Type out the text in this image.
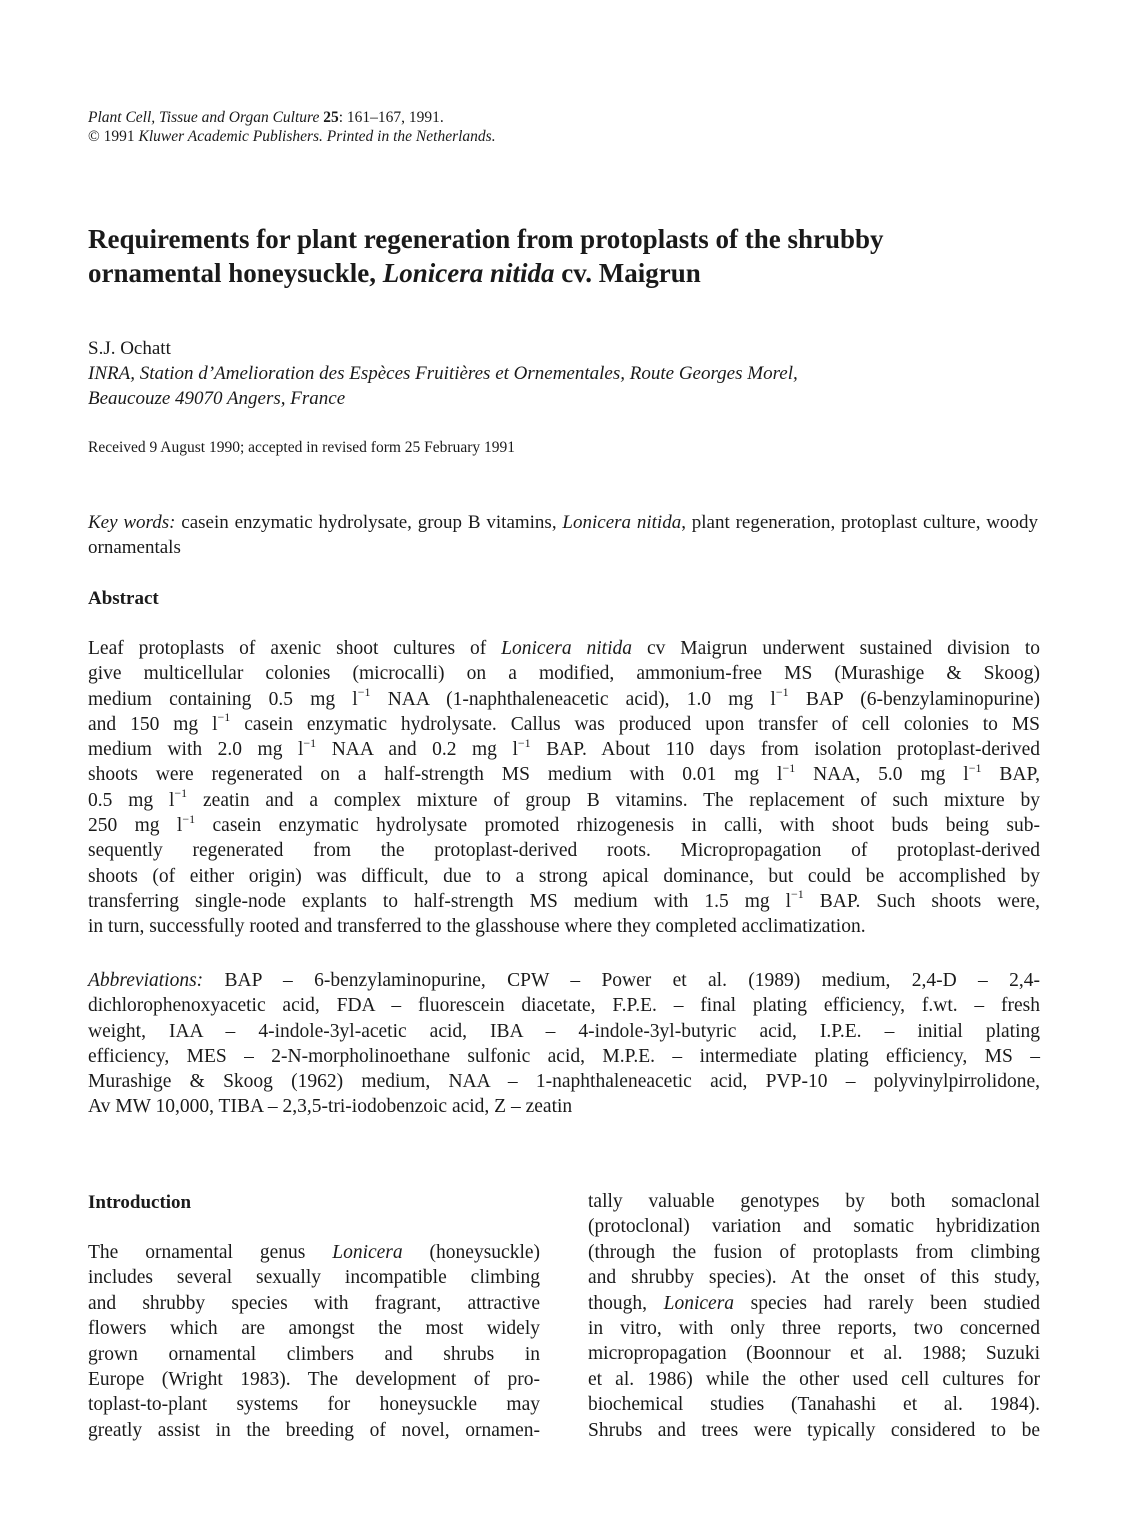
Plant Cell, Tissue and Organ Culture 25: 161–167, 1991.
© 1991 Kluwer Academic Publishers. Printed in the Netherlands.
Requirements for plant regeneration from protoplasts of the shrubby
ornamental honeysuckle, Lonicera nitida cv. Maigrun
S.J. Ochatt
INRA, Station d’Amelioration des Espèces Fruitières et Ornementales, Route Georges Morel,
Beaucouze 49070 Angers, France
Received 9 August 1990; accepted in revised form 25 February 1991
Key words: casein enzymatic hydrolysate, group B vitamins, Lonicera nitida, plant regeneration, protoplast culture, woody ornamentals
Abstract
Leaf protoplasts of axenic shoot cultures of Lonicera nitida cv Maigrun underwent sustained division to
give multicellular colonies (microcalli) on a modified, ammonium-free MS (Murashige & Skoog)
medium containing 0.5 mg $l^{-1}$ NAA (1-naphthaleneacetic acid), 1.0 mg $l^{-1}$ BAP (6-benzylaminopurine)
and 150 mg $l^{-1}$ casein enzymatic hydrolysate. Callus was produced upon transfer of cell colonies to MS
medium with 2.0 mg $l^{-1}$ NAA and 0.2 mg $l^{-1}$ BAP. About 110 days from isolation protoplast-derived
shoots were regenerated on a half-strength MS medium with 0.01 mg $l^{-1}$ NAA, 5.0 mg $l^{-1}$ BAP,
0.5 mg $l^{-1}$ zeatin and a complex mixture of group B vitamins. The replacement of such mixture by
250 mg $l^{-1}$ casein enzymatic hydrolysate promoted rhizogenesis in calli, with shoot buds being sub-
sequently regenerated from the protoplast-derived roots. Micropropagation of protoplast-derived
shoots (of either origin) was difficult, due to a strong apical dominance, but could be accomplished by
transferring single-node explants to half-strength MS medium with 1.5 mg $l^{-1}$ BAP. Such shoots were,
in turn, successfully rooted and transferred to the glasshouse where they completed acclimatization.
Abbreviations: BAP – 6-benzylaminopurine, CPW – Power et al. (1989) medium, 2,4-D – 2,4-
dichlorophenoxyacetic acid, FDA – fluorescein diacetate, F.P.E. – final plating efficiency, f.wt. – fresh
weight, IAA – 4-indole-3yl-acetic acid, IBA – 4-indole-3yl-butyric acid, I.P.E. – initial plating
efficiency, MES – 2-N-morpholinoethane sulfonic acid, M.P.E. – intermediate plating efficiency, MS –
Murashige & Skoog (1962) medium, NAA – 1-naphthaleneacetic acid, PVP-10 – polyvinylpirrolidone,
Av MW 10,000, TIBA – 2,3,5-tri-iodobenzoic acid, Z – zeatin
Introduction
The ornamental genus Lonicera (honeysuckle)
includes several sexually incompatible climbing
and shrubby species with fragrant, attractive
flowers which are amongst the most widely
grown ornamental climbers and shrubs in
Europe (Wright 1983). The development of pro-
toplast-to-plant systems for honeysuckle may
greatly assist in the breeding of novel, ornamen-
tally valuable genotypes by both somaclonal
(protoclonal) variation and somatic hybridization
(through the fusion of protoplasts from climbing
and shrubby species). At the onset of this study,
though, Lonicera species had rarely been studied
in vitro, with only three reports, two concerned
micropropagation (Boonnour et al. 1988; Suzuki
et al. 1986) while the other used cell cultures for
biochemical studies (Tanahashi et al. 1984).
Shrubs and trees were typically considered to be
